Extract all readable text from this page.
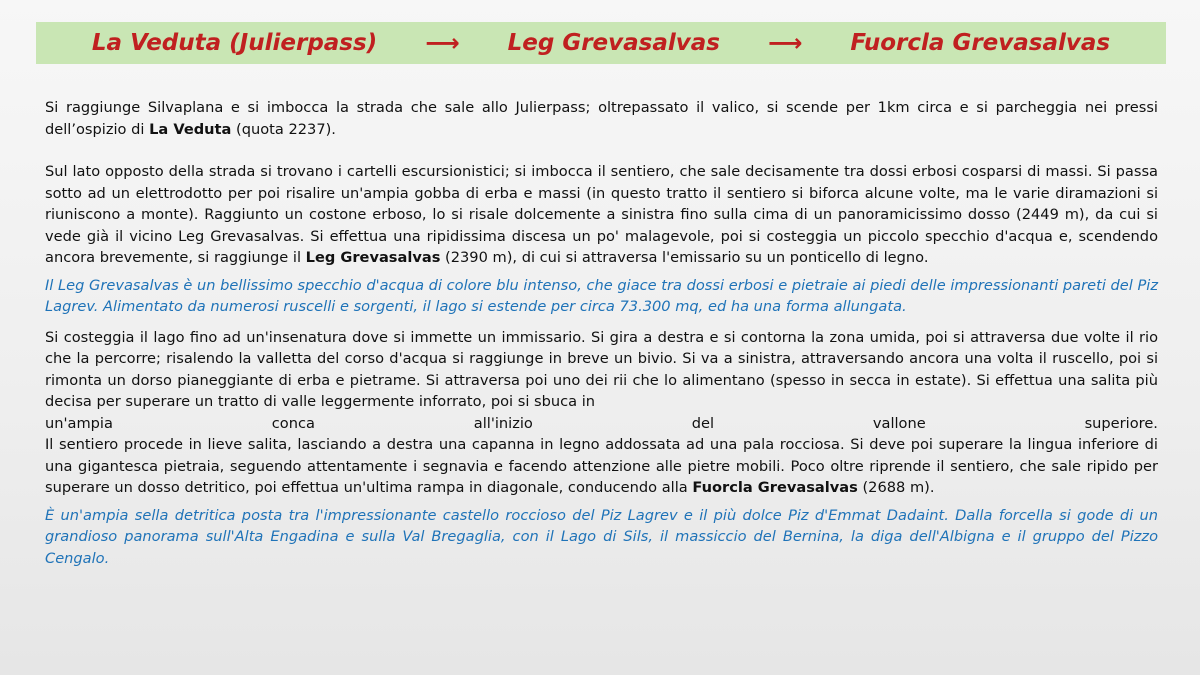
La Veduta (Julierpass) ⟶ Leg Grevasalvas ⟶ Fuorcla Grevasalvas

Si raggiunge Silvaplana e si imbocca la strada che sale allo Julierpass; oltrepassato il valico, si scende per 1km circa e si parcheggia nei pressi dell’ospizio di La Veduta (quota 2237).

Sul lato opposto della strada si trovano i cartelli escursionistici; si imbocca il sentiero, che sale decisamente tra dossi erbosi cosparsi di massi. Si passa sotto ad un elettrodotto per poi risalire un'ampia gobba di erba e massi (in questo tratto il sentiero si biforca alcune volte, ma le varie diramazioni si riuniscono a monte). Raggiunto un costone erboso, lo si risale dolcemente a sinistra fino sulla cima di un panoramicissimo dosso (2449 m), da cui si vede già il vicino Leg Grevasalvas. Si effettua una ripidissima discesa un po' malagevole, poi si costeggia un piccolo specchio d'acqua e, scendendo ancora brevemente, si raggiunge il Leg Grevasalvas (2390 m), di cui si attraversa l'emissario su un ponticello di legno.

Il Leg Grevasalvas è un bellissimo specchio d'acqua di colore blu intenso, che giace tra dossi erbosi e pietraie ai piedi delle impressionanti pareti del Piz Lagrev. Alimentato da numerosi ruscelli e sorgenti, il lago si estende per circa 73.300 mq, ed ha una forma allungata.

Si costeggia il lago fino ad un'insenatura dove si immette un immissario. Si gira a destra e si contorna la zona umida, poi si attraversa due volte il rio che la percorre; risalendo la valletta del corso d'acqua si raggiunge in breve un bivio. Si va a sinistra, attraversando ancora una volta il ruscello, poi si rimonta un dorso pianeggiante di erba e pietrame. Si attraversa poi uno dei rii che lo alimentano (spesso in secca in estate). Si effettua una salita più decisa per superare un tratto di valle leggermente inforrato, poi si sbuca in

un'ampia	conca	all'inizio	del	vallone	superiore.

Il sentiero procede in lieve salita, lasciando a destra una capanna in legno addossata ad una pala rocciosa. Si deve poi superare la lingua inferiore di una gigantesca pietraia, seguendo attentamente i segnavia e facendo attenzione alle pietre mobili. Poco oltre riprende il sentiero, che sale ripido per superare un dosso detritico, poi effettua un'ultima rampa in diagonale, conducendo alla Fuorcla Grevasalvas (2688 m).

È un'ampia sella detritica posta tra l'impressionante castello roccioso del Piz Lagrev e il più dolce Piz d'Emmat Dadaint. Dalla forcella si gode di un grandioso panorama sull'Alta Engadina e sulla Val Bregaglia, con il Lago di Sils, il massiccio del Bernina, la diga dell'Albigna e il gruppo del Pizzo Cengalo.
